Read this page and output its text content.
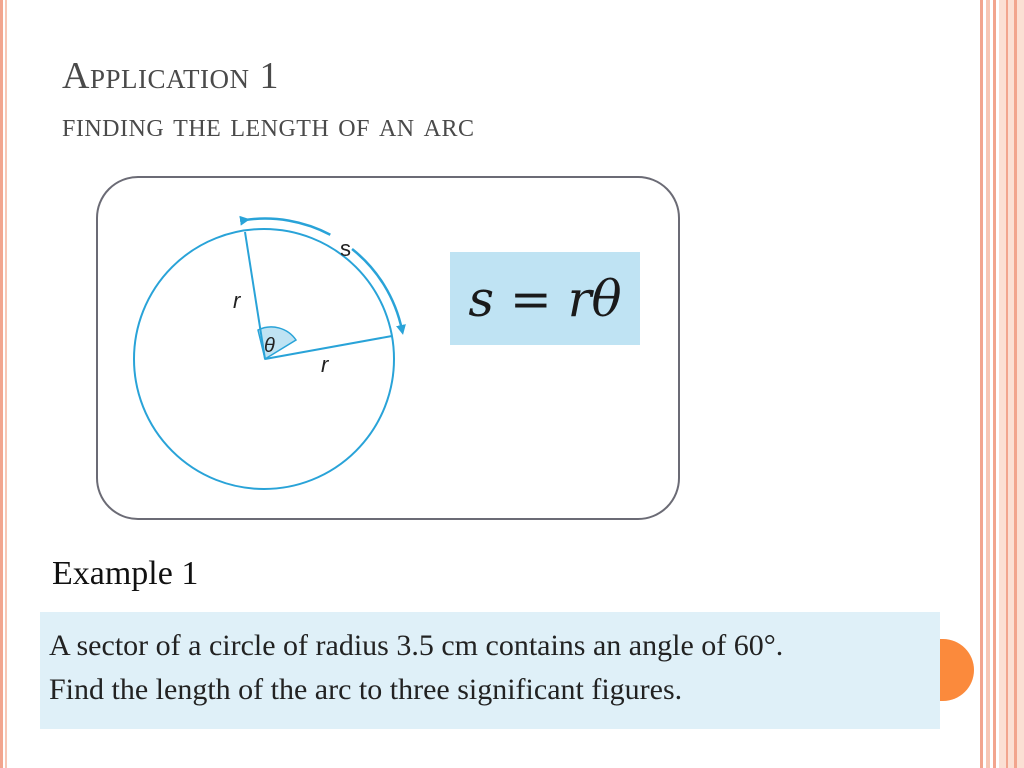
Application 1
finding the length of an arc
s
r
r
θ
s = rθ
Example 1
A sector of a circle of radius 3.5 cm contains an angle of 60°.
Find the length of the arc to three significant figures.
